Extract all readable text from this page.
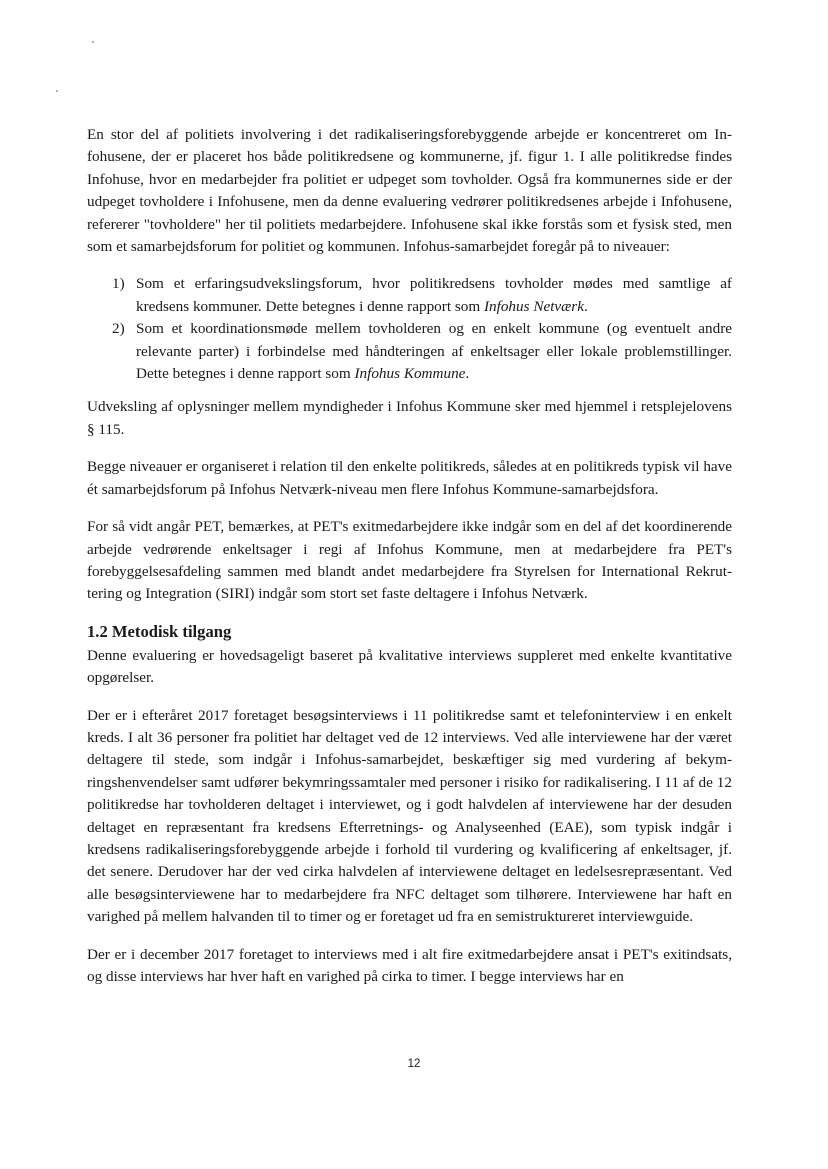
En stor del af politiets involvering i det radikaliseringsforebyggende arbejde er koncentreret om Infohusene, der er placeret hos både politikredsene og kommunerne, jf. figur 1. I alle politikredse findes Infohuse, hvor en medarbejder fra politiet er udpeget som tovholder. Også fra kommunernes side er der udpeget tovholdere i Infohusene, men da denne evaluering vedrører politikredsenes arbejde i Infohusene, refererer "tovholdere" her til politiets medarbejdere. Infohusene skal ikke forstås som et fysisk sted, men som et samarbejdsforum for politiet og kommunen. Infohus-samarbejdet foregår på to niveauer:

1) Som et erfaringsudvekslingsforum, hvor politikredsens tovholder mødes med samtlige af kredsens kommuner. Dette betegnes i denne rapport som Infohus Netværk.
2) Som et koordinationsmøde mellem tovholderen og en enkelt kommune (og eventuelt andre relevante parter) i forbindelse med håndteringen af enkeltsager eller lokale problemstillinger. Dette betegnes i denne rapport som Infohus Kommune.

Udveksling af oplysninger mellem myndigheder i Infohus Kommune sker med hjemmel i retsplejelovens § 115.

Begge niveauer er organiseret i relation til den enkelte politikreds, således at en politikreds typisk vil have ét samarbejdsforum på Infohus Netværk-niveau men flere Infohus Kommune-samarbejdsfora.

For så vidt angår PET, bemærkes, at PET's exitmedarbejdere ikke indgår som en del af det koordinerende arbejde vedrørende enkeltsager i regi af Infohus Kommune, men at medarbejdere fra PET's forebyggelsesafdeling sammen med blandt andet medarbejdere fra Styrelsen for International Rekruttering og Integration (SIRI) indgår som stort set faste deltagere i Infohus Netværk.

1.2 Metodisk tilgang

Denne evaluering er hovedsageligt baseret på kvalitative interviews suppleret med enkelte kvantitative opgørelser.

Der er i efteråret 2017 foretaget besøgsinterviews i 11 politikredse samt et telefoninterview i en enkelt kreds. I alt 36 personer fra politiet har deltaget ved de 12 interviews. Ved alle interviewene har der været deltagere til stede, som indgår i Infohus-samarbejdet, beskæftiger sig med vurdering af bekymringshenvendelser samt udfører bekymringssamtaler med personer i risiko for radikalisering. I 11 af de 12 politikredse har tovholderen deltaget i interviewet, og i godt halvdelen af interviewene har der desuden deltaget en repræsentant fra kredsens Efterretnings- og Analyseenhed (EAE), som typisk indgår i kredsens radikaliseringsforebyggende arbejde i forhold til vurdering og kvalificering af enkeltsager, jf. det senere. Derudover har der ved cirka halvdelen af interviewene deltaget en ledelsesrepræsentant. Ved alle besøgsinterviewene har to medarbejdere fra NFC deltaget som tilhørere. Interviewene har haft en varighed på mellem halvanden til to timer og er foretaget ud fra en semistruktureret interviewguide.

Der er i december 2017 foretaget to interviews med i alt fire exitmedarbejdere ansat i PET's exitindsats, og disse interviews har hver haft en varighed på cirka to timer. I begge interviews har en

12
